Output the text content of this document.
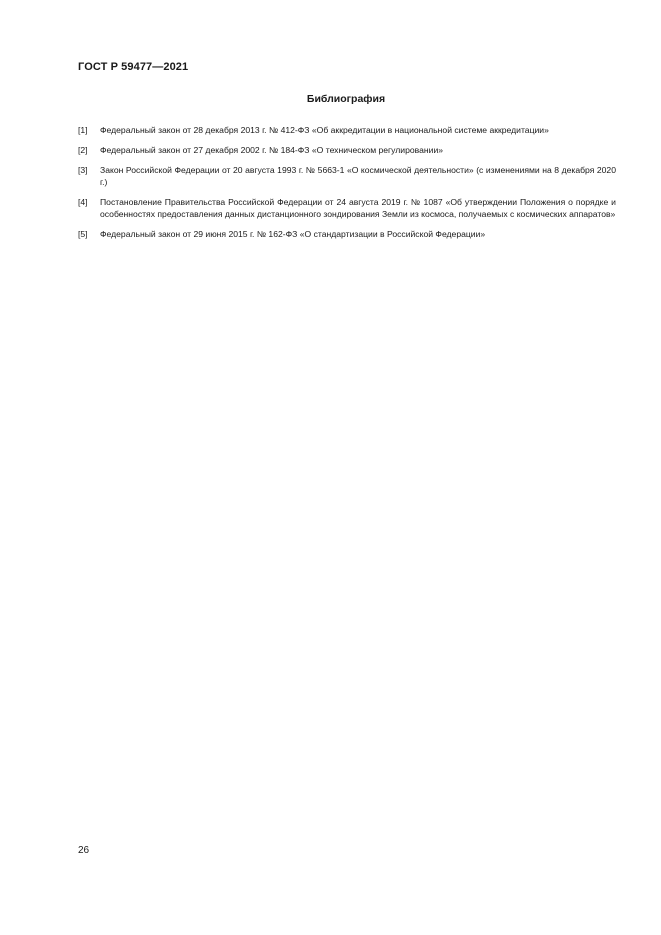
ГОСТ Р 59477—2021
Библиография
[1]	Федеральный закон от 28 декабря 2013 г. № 412-ФЗ «Об аккредитации в национальной системе аккредитации»
[2]	Федеральный закон от 27 декабря 2002 г. № 184-ФЗ «О техническом регулировании»
[3]	Закон Российской Федерации от 20 августа 1993 г. № 5663-1 «О космической деятельности» (с изменениями на 8 декабря 2020 г.)
[4]	Постановление Правительства Российской Федерации от 24 августа 2019 г. № 1087 «Об утверждении Положения о порядке и особенностях предоставления данных дистанционного зондирования Земли из космоса, получаемых с космических аппаратов»
[5]	Федеральный закон от 29 июня 2015 г. № 162-ФЗ «О стандартизации в Российской Федерации»
26
